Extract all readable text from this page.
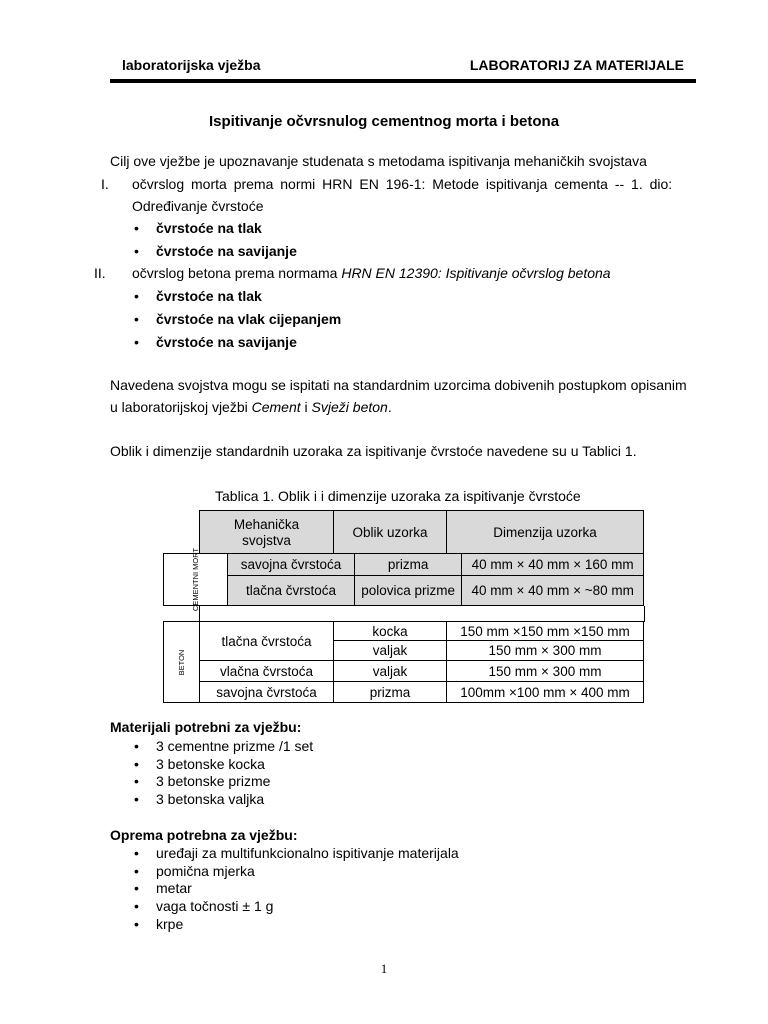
laboratorijska vježba	LABORATORIJ ZA MATERIJALE
Ispitivanje očvrsnulog cementnog morta i betona
Cilj ove vježbe je upoznavanje studenata s metodama ispitivanja mehaničkih svojstava
I. očvrslog morta prema normi HRN EN 196-1: Metode ispitivanja cementa -- 1. dio:
Određivanje čvrstoće
• čvrstoće na tlak
• čvrstoće na savijanje
II. očvrslog betona prema normama HRN EN 12390: Ispitivanje očvrslog betona
• čvrstoće na tlak
• čvrstoće na vlak cijepanjem
• čvrstoće na savijanje
Navedena svojstva mogu se ispitati na standardnim uzorcima dobivenih postupkom opisanim
u laboratorijskoj vježbi Cement i Svježi beton.
Oblik i dimenzije standardnih uzoraka za ispitivanje čvrstoće navedene su u Tablici 1.
Tablica 1. Oblik i i dimenzije uzoraka za ispitivanje čvrstoće
Mehanička svojstva	Oblik uzorka	Dimenzija uzorka
CEMENTNI MORT	savojna čvrstoća	prizma	40 mm × 40 mm × 160 mm
	tlačna čvrstoća	polovica prizme	40 mm × 40 mm × ~80 mm
BETON	tlačna čvrstoća	kocka	150 mm ×150 mm ×150 mm
		valjak	150 mm × 300 mm
	vlačna čvrstoća	valjak	150 mm × 300 mm
	savojna čvrstoća	prizma	100mm ×100 mm × 400 mm
Materijali potrebni za vježbu:
• 3 cementne prizme /1 set
• 3 betonske kocka
• 3 betonske prizme
• 3 betonska valjka
Oprema potrebna za vježbu:
• uređaji za multifunkcionalno ispitivanje materijala
• pomična mjerka
• metar
• vaga točnosti ± 1 g
• krpe
1
